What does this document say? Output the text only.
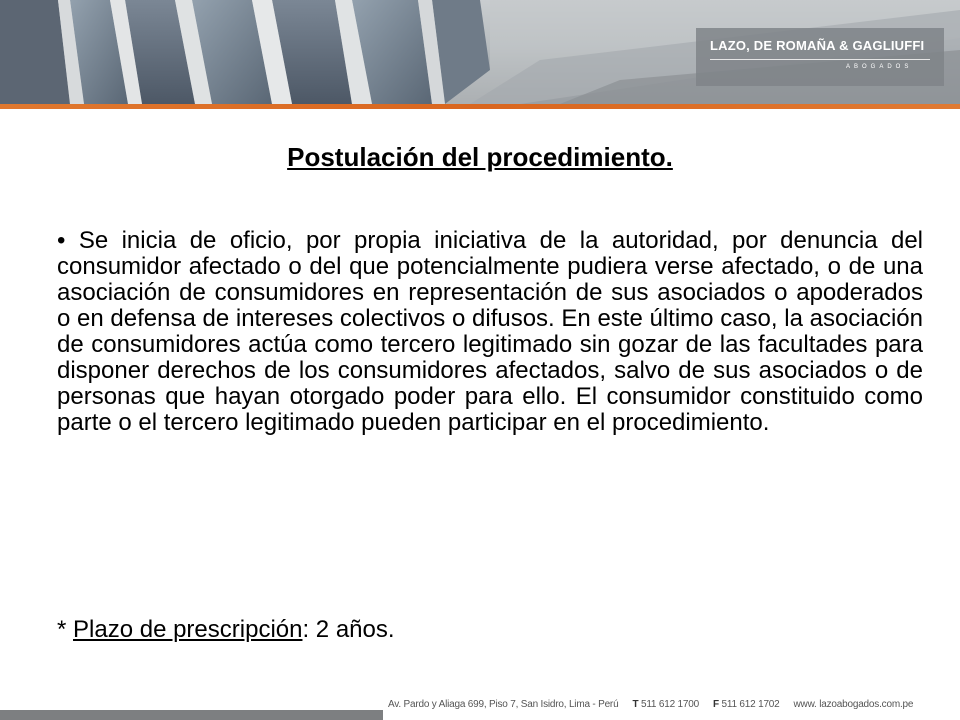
LAZO, DE ROMAÑA & GAGLIUFFI
ABOGADOS
Postulación del procedimiento.

• Se inicia de oficio, por propia iniciativa de la autoridad, por denuncia del consumidor afectado o del que potencialmente pudiera verse afectado, o de una asociación de consumidores en representación de sus asociados o apoderados o en defensa de intereses colectivos o difusos. En este último caso, la asociación de consumidores actúa como tercero legitimado sin gozar de las facultades para disponer derechos de los consumidores afectados, salvo de sus asociados o de personas que hayan otorgado poder para ello. El consumidor constituido como parte o el tercero legitimado pueden participar en el procedimiento.

* Plazo de prescripción: 2 años.

Av. Pardo y Aliaga 699, Piso 7, San Isidro, Lima - Perú T 511 612 1700 F 511 612 1702 www. lazoabogados.com.pe
